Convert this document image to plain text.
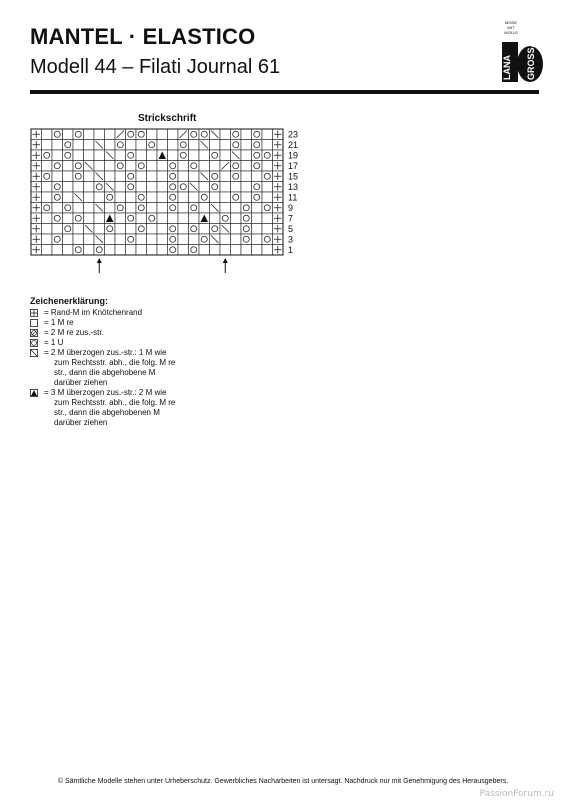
MANTEL · ELASTICO
Modell 44 – Filati Journal 61
MODE
MIT
WOLLE
LANA GROSSA
Strickschrift
23
21
19
17
15
13
11
9
7
5
3
1
Zeichenerklärung:
= Rand-M im Knötchenrand
= 1 M re
= 2 M re zus.-str.
= 1 U
= 2 M überzogen zus.-str.: 1 M wie
zum Rechtsstr. abh., die folg. M re
str., dann die abgehobene M
darüber ziehen
= 3 M überzogen zus.-str.: 2 M wie
zum Rechtsstr. abh., die folg. M re
str., dann die abgehobenen M
darüber ziehen
© Sämtliche Modelle stehen unter Urheberschutz. Gewerbliches Nacharbeiten ist untersagt. Nachdruck nur mit Genehmigung des Herausgebers.
PassionForum.ru
